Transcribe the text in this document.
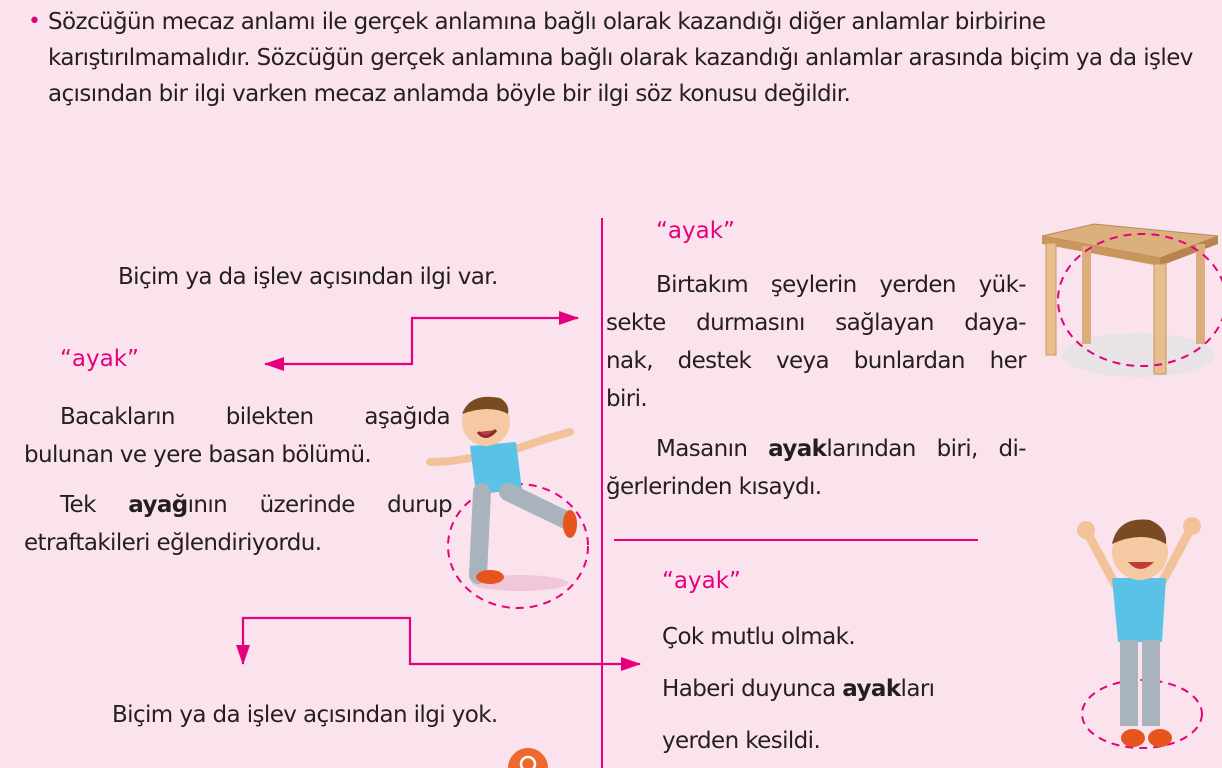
• Sözcüğün mecaz anlamı ile gerçek anlamına bağlı olarak kazandığı diğer anlamlar birbirine karıştırılmamalıdır. Sözcüğün gerçek anlamına bağlı olarak kazandığı anlamlar arasında biçim ya da işlev açısından bir ilgi varken mecaz anlamda böyle bir ilgi söz konusu değildir.

Biçim ya da işlev açısından ilgi var.
Biçim ya da işlev açısından ilgi yok.
“ayak”
Bacakların bilekten aşağıda
bulunan ve yere basan bölümü.
Tek ayağının üzerinde durup
etraftakileri eğlendiriyordu.
“ayak”
Birtakım şeylerin yerden yük-
sekte durmasını sağlayan daya-
nak, destek veya bunlardan her
biri.
Masanın ayaklarından biri, di-
ğerlerinden kısaydı.
“ayak”
Çok mutlu olmak.
Haberi duyunca ayakları
yerden kesildi.
